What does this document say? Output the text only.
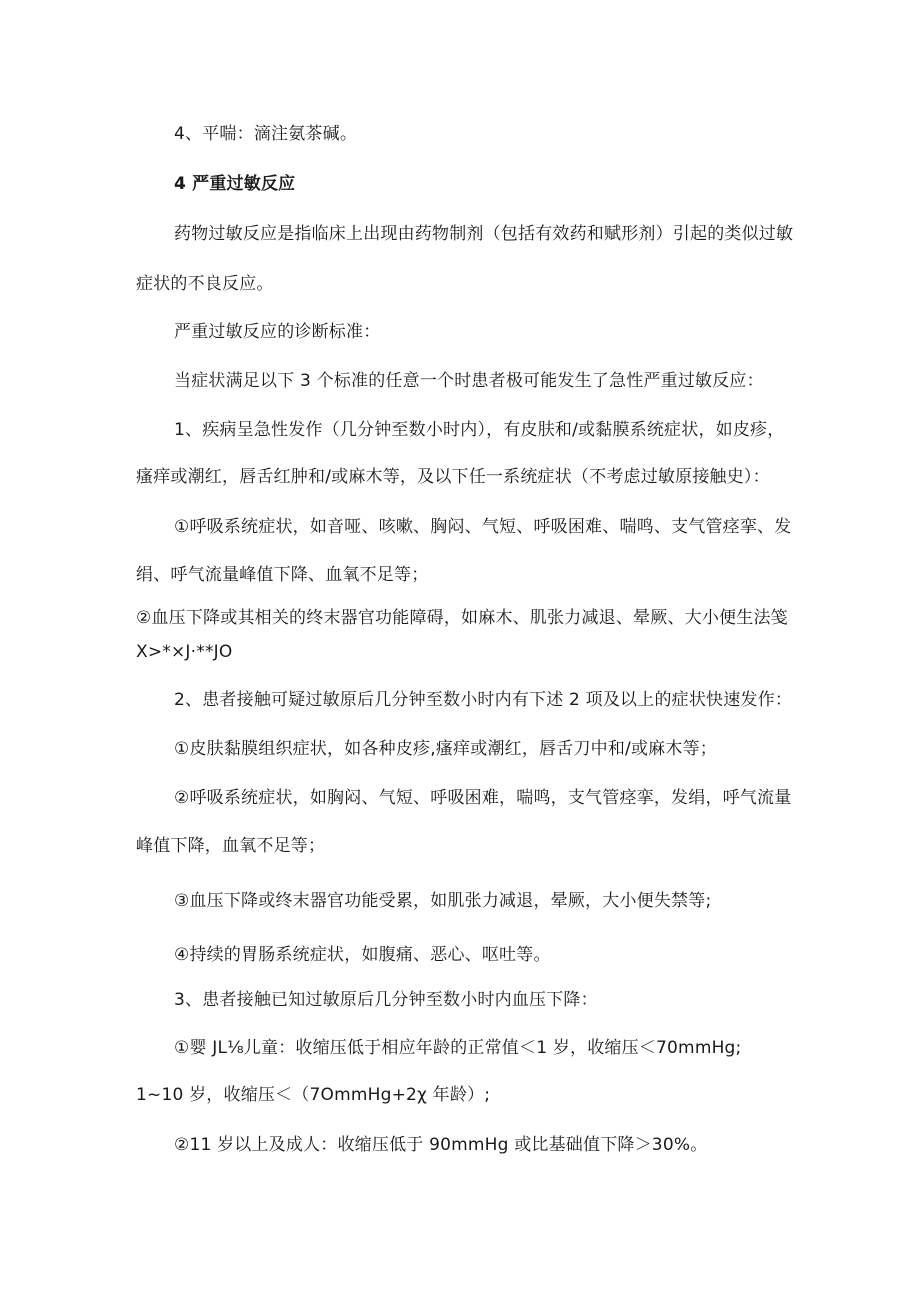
4、平喘：滴注氨茶碱。
4 严重过敏反应
药物过敏反应是指临床上出现由药物制剂（包括有效药和赋形剂）引起的类似过敏
症状的不良反应。
严重过敏反应的诊断标准：
当症状满足以下 3 个标准的任意一个时患者极可能发生了急性严重过敏反应：
1、疾病呈急性发作（几分钟至数小时内），有皮肤和/或黏膜系统症状，如皮疹，
瘙痒或潮红，唇舌红肿和/或麻木等，及以下任一系统症状（不考虑过敏原接触史）：
①呼吸系统症状，如音哑、咳嗽、胸闷、气短、呼吸困难、喘鸣、支气管痉挛、发
绢、呼气流量峰值下降、血氧不足等；
②血压下降或其相关的终末器官功能障碍，如麻木、肌张力减退、晕厥、大小便生法笺
X>*×J·**JO
2、患者接触可疑过敏原后几分钟至数小时内有下述 2 项及以上的症状快速发作：
①皮肤黏膜组织症状，如各种皮疹,瘙痒或潮红，唇舌刀中和/或麻木等；
②呼吸系统症状，如胸闷、气短、呼吸困难，喘鸣，支气管痉挛，发绢，呼气流量
峰值下降，血氧不足等；
③血压下降或终末器官功能受累，如肌张力减退，晕厥，大小便失禁等;
④持续的胃肠系统症状，如腹痛、恶心、呕吐等。
3、患者接触已知过敏原后几分钟至数小时内血压下降：
①婴 JL⅛儿童：收缩压低于相应年龄的正常值＜1 岁，收缩压＜70mmHg;
1~10 岁，收缩压＜（7OmmHg+2χ 年龄）;
②11 岁以上及成人：收缩压低于 90mmHg 或比基础值下降＞30%。
